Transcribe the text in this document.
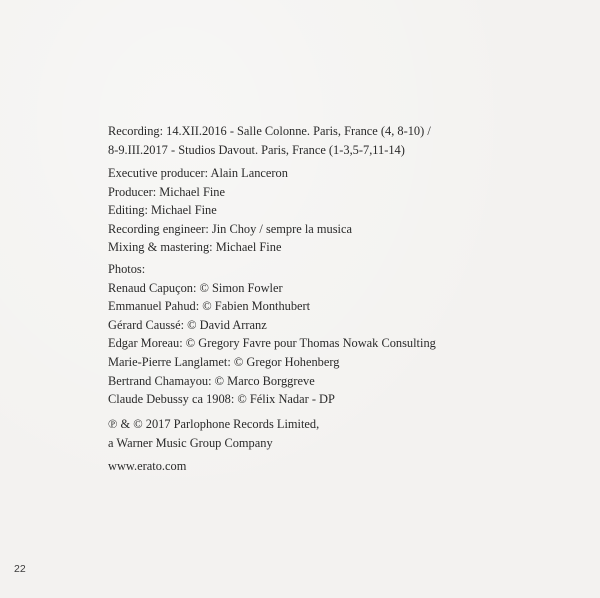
Recording: 14.XII.2016 - Salle Colonne. Paris, France (4, 8-10) /
8-9.III.2017 - Studios Davout. Paris, France (1-3,5-7,11-14)
Executive producer: Alain Lanceron
Producer: Michael Fine
Editing: Michael Fine
Recording engineer: Jin Choy / sempre la musica
Mixing & mastering: Michael Fine
Photos:
Renaud Capuçon: © Simon Fowler
Emmanuel Pahud: © Fabien Monthubert
Gérard Caussé: © David Arranz
Edgar Moreau: © Gregory Favre pour Thomas Nowak Consulting
Marie-Pierre Langlamet: © Gregor Hohenberg
Bertrand Chamayou: © Marco Borggreve
Claude Debussy ca 1908: © Félix Nadar - DP
℗ & © 2017 Parlophone Records Limited,
a Warner Music Group Company
www.erato.com
22
